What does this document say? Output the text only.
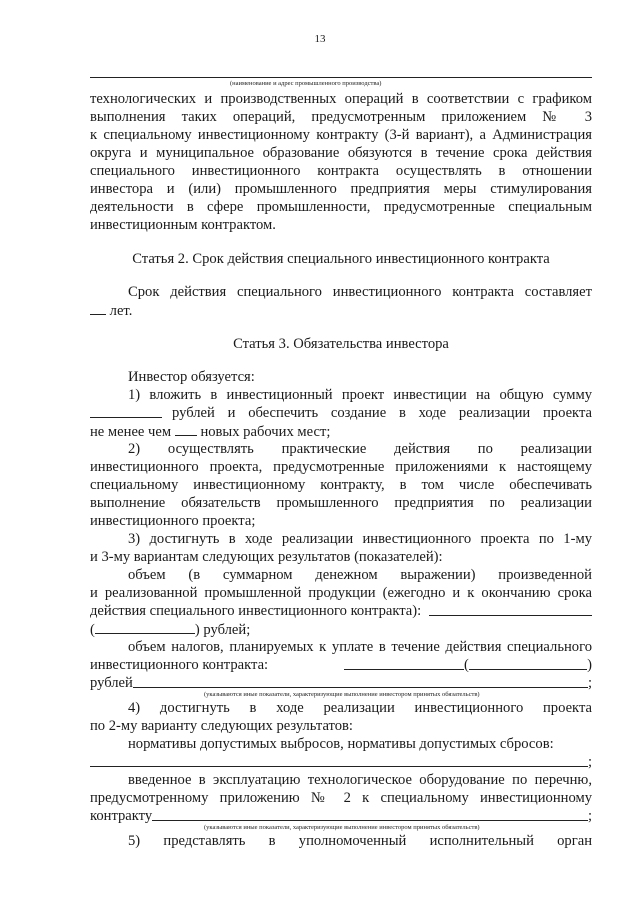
13
(наименование и адрес промышленного производства)
технологических и производственных операций в соответствии с графиком
выполнения таких операций, предусмотренным приложением № 3
к специальному инвестиционному контракту (3-й вариант), а Администрация
округа и муниципальное образование обязуются в течение срока действия
специального инвестиционного контракта осуществлять в отношении
инвестора и (или) промышленного предприятия меры стимулирования
деятельности в сфере промышленности, предусмотренные специальным
инвестиционным контрактом.
Статья 2. Срок действия специального инвестиционного контракта
Срок действия специального инвестиционного контракта составляет
лет.
Статья 3. Обязательства инвестора
Инвестор обязуется:
1) вложить в инвестиционный проект инвестиции на общую сумму
рублей и обеспечить создание в ходе реализации проекта
не менее чем новых рабочих мест;
2) осуществлять практические действия по реализации
инвестиционного проекта, предусмотренные приложениями к настоящему
специальному инвестиционному контракту, в том числе обеспечивать
выполнение обязательств промышленного предприятия по реализации
инвестиционного проекта;
3) достигнуть в ходе реализации инвестиционного проекта по 1-му
и 3-му вариантам следующих результатов (показателей):
объем (в суммарном денежном выражении) произведенной
и реализованной промышленной продукции (ежегодно и к окончанию срока
действия специального инвестиционного контракта):
(	) рублей;
объем налогов, планируемых к уплате в течение действия специального
инвестиционного контракта:	(	)
рублей	;
(указываются иные показатели, характеризующие выполнение инвестором принятых обязательств)
4) достигнуть в ходе реализации инвестиционного проекта
по 2-му варианту следующих результатов:
нормативы допустимых выбросов, нормативы допустимых сбросов:
;
введенное в эксплуатацию технологическое оборудование по перечню,
предусмотренному приложению № 2 к специальному инвестиционному
контракту	;
(указываются иные показатели, характеризующие выполнение инвестором принятых обязательств)
5) представлять в уполномоченный исполнительный орган
